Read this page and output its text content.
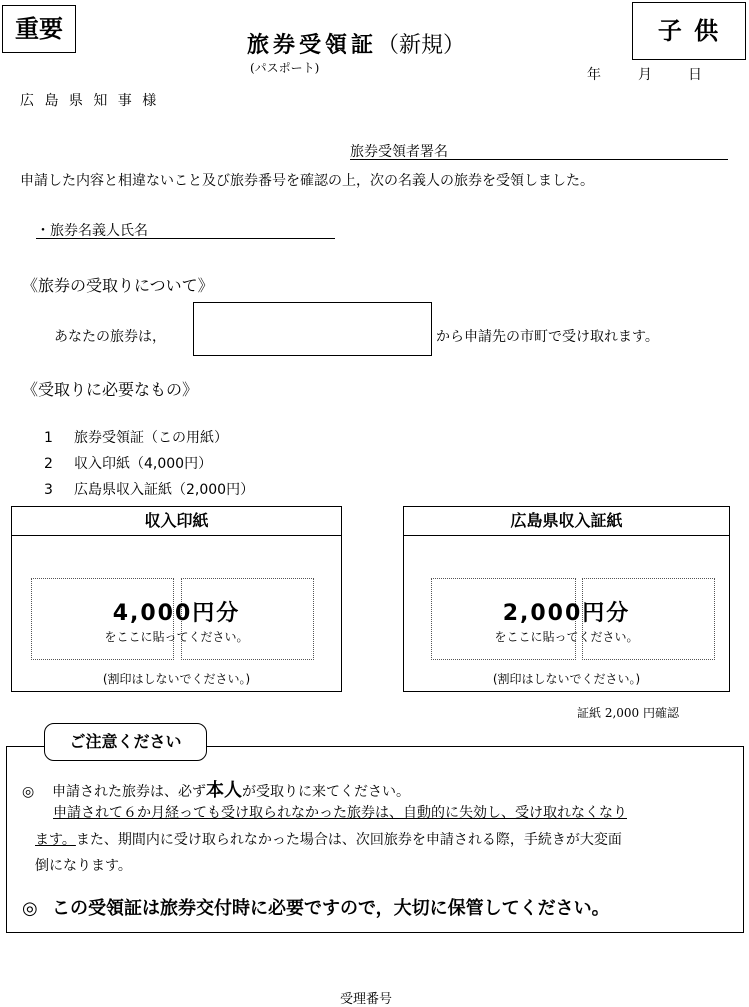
重要	子 供
旅券受領証（新規）
(パスポート)	年	月	日
広 島 県 知 事 様
旅券受領者署名
申請した内容と相違ないこと及び旅券番号を確認の上，次の名義人の旅券を受領しました。
・旅券名義人氏名
《旅券の受取りについて》
あなたの旅券は，	から申請先の市町で受け取れます。
《受取りに必要なもの》
1 旅券受領証（この用紙）
2 収入印紙（4,000円）
3 広島県収入証紙（2,000円）
収入印紙
4,000円分
をここに貼ってください。
(割印はしないでください。)
広島県収入証紙
2,000円分
をここに貼ってください。
(割印はしないでください。)
証紙 2,000 円確認
ご注意ください
◎ 申請された旅券は、必ず本人が受取りに来てください。
申請されて６か月経っても受け取られなかった旅券は、自動的に失効し、受け取れなくなり
ます。また、期間内に受け取られなかった場合は、次回旅券を申請される際，手続きが大変面
倒になります。
◎ この受領証は旅券交付時に必要ですので，大切に保管してください。
受理番号
